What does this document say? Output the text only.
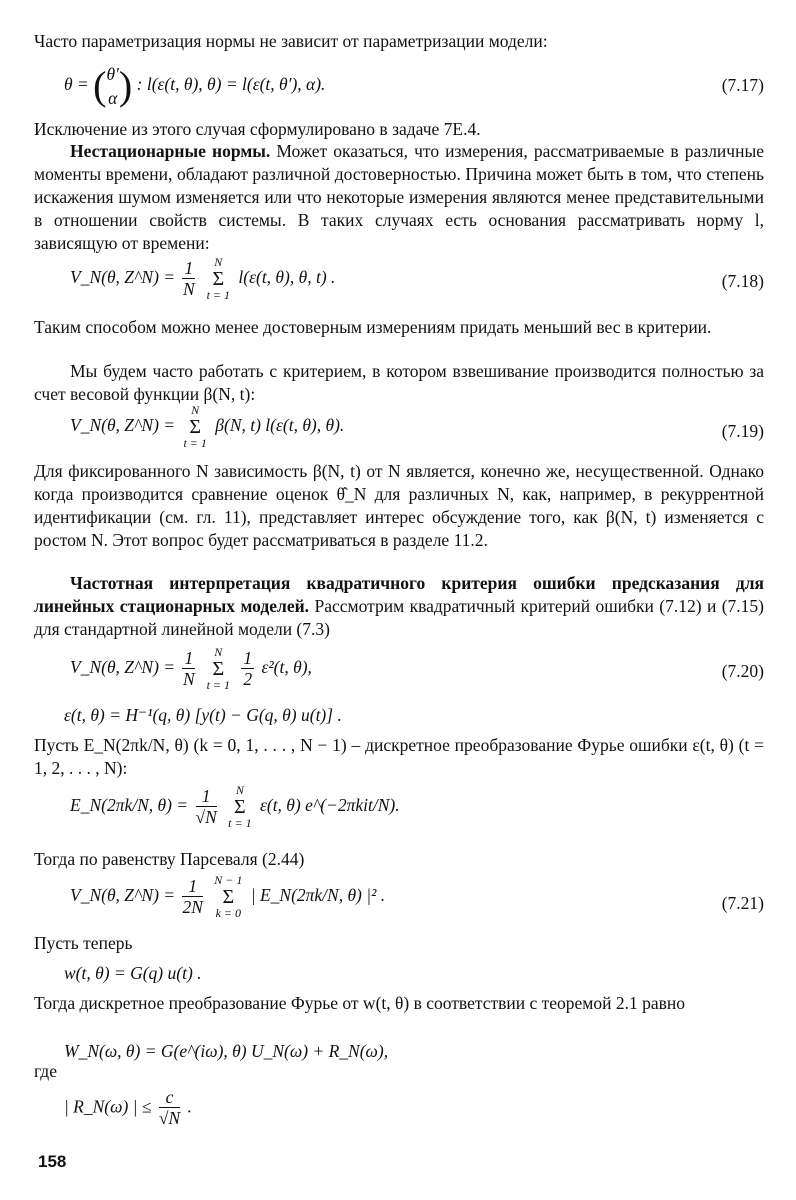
Часто параметризация нормы не зависит от параметризации модели:

θ = ( θ′
α ) : l(ε(t, θ), θ) = l(ε(t, θ′), α).	(7.17)

Исключение из этого случая сформулировано в задаче 7Е.4.

Нестационарные нормы. Может оказаться, что измерения, рассматриваемые в различные моменты времени, обладают различной достоверностью. Причина может быть в том, что степень искажения шумом изменяется или что некоторые измерения являются менее представительными в отношении свойств системы. В таких случаях есть основания рассматривать норму l, зависящую от времени:

V_N(θ, Z^N) = $\frac{1}{N}$ N
Σ
t = 1 l(ε(t, θ), θ, t) .	(7.18)

Таким способом можно менее достоверным измерениям придать меньший вес в критерии.

Мы будем часто работать с критерием, в котором взвешивание производится полностью за счет весовой функции β(N, t):

V_N(θ, Z^N) = N
Σ
t = 1 β(N, t) l(ε(t, θ), θ).	(7.19)

Для фиксированного N зависимость β(N, t) от N является, конечно же, несущественной. Однако когда производится сравнение оценок θ̂_N для различных N, как, например, в рекуррентной идентификации (см. гл. 11), представляет интерес обсуждение того, как β(N, t) изменяется с ростом N. Этот вопрос будет рассматриваться в разделе 11.2.

Частотная интерпретация квадратичного критерия ошибки предсказания для линейных стационарных моделей. Рассмотрим квадратичный критерий ошибки (7.12) и (7.15) для стандартной линейной модели (7.3)

V_N(θ, Z^N) = $\frac{1}{N}$ N
Σ
$t = 1 \frac{1}{2} \varepsilon^2(t$, θ),	(7.20)
ε(t, θ) = H⁻¹(q, θ) [y(t) − G(q, θ) u(t)] .

Пусть E_N(2πk/N, θ) (k = 0, 1, . . . , N − 1) – дискретное преобразование Фурье ошибки ε(t, θ) (t = 1, 2, . . . , N):

E_N(2πk/N, $\theta) = \frac{1}{√N}$ N
Σ
t = 1 ε(t, θ) e^(−2πkit/N).

Тогда по равенству Парсеваля (2.44)

V_N(θ, Z^N) = $\frac{1}{2N}$ N − 1
Σ
k = 0 | E_N(2πk/N, θ) |² .	(7.21)

Пусть теперь

w(t, θ) = G(q) u(t) .

Тогда дискретное преобразование Фурье от w(t, θ) в соответствии с теоремой 2.1 равно

W_N(ω, θ) = G(e^(iω), θ) U_N(ω) + R_N(ω),

где

| R_N(ω) | ≤ $\frac{c}{√N}$ .
158
